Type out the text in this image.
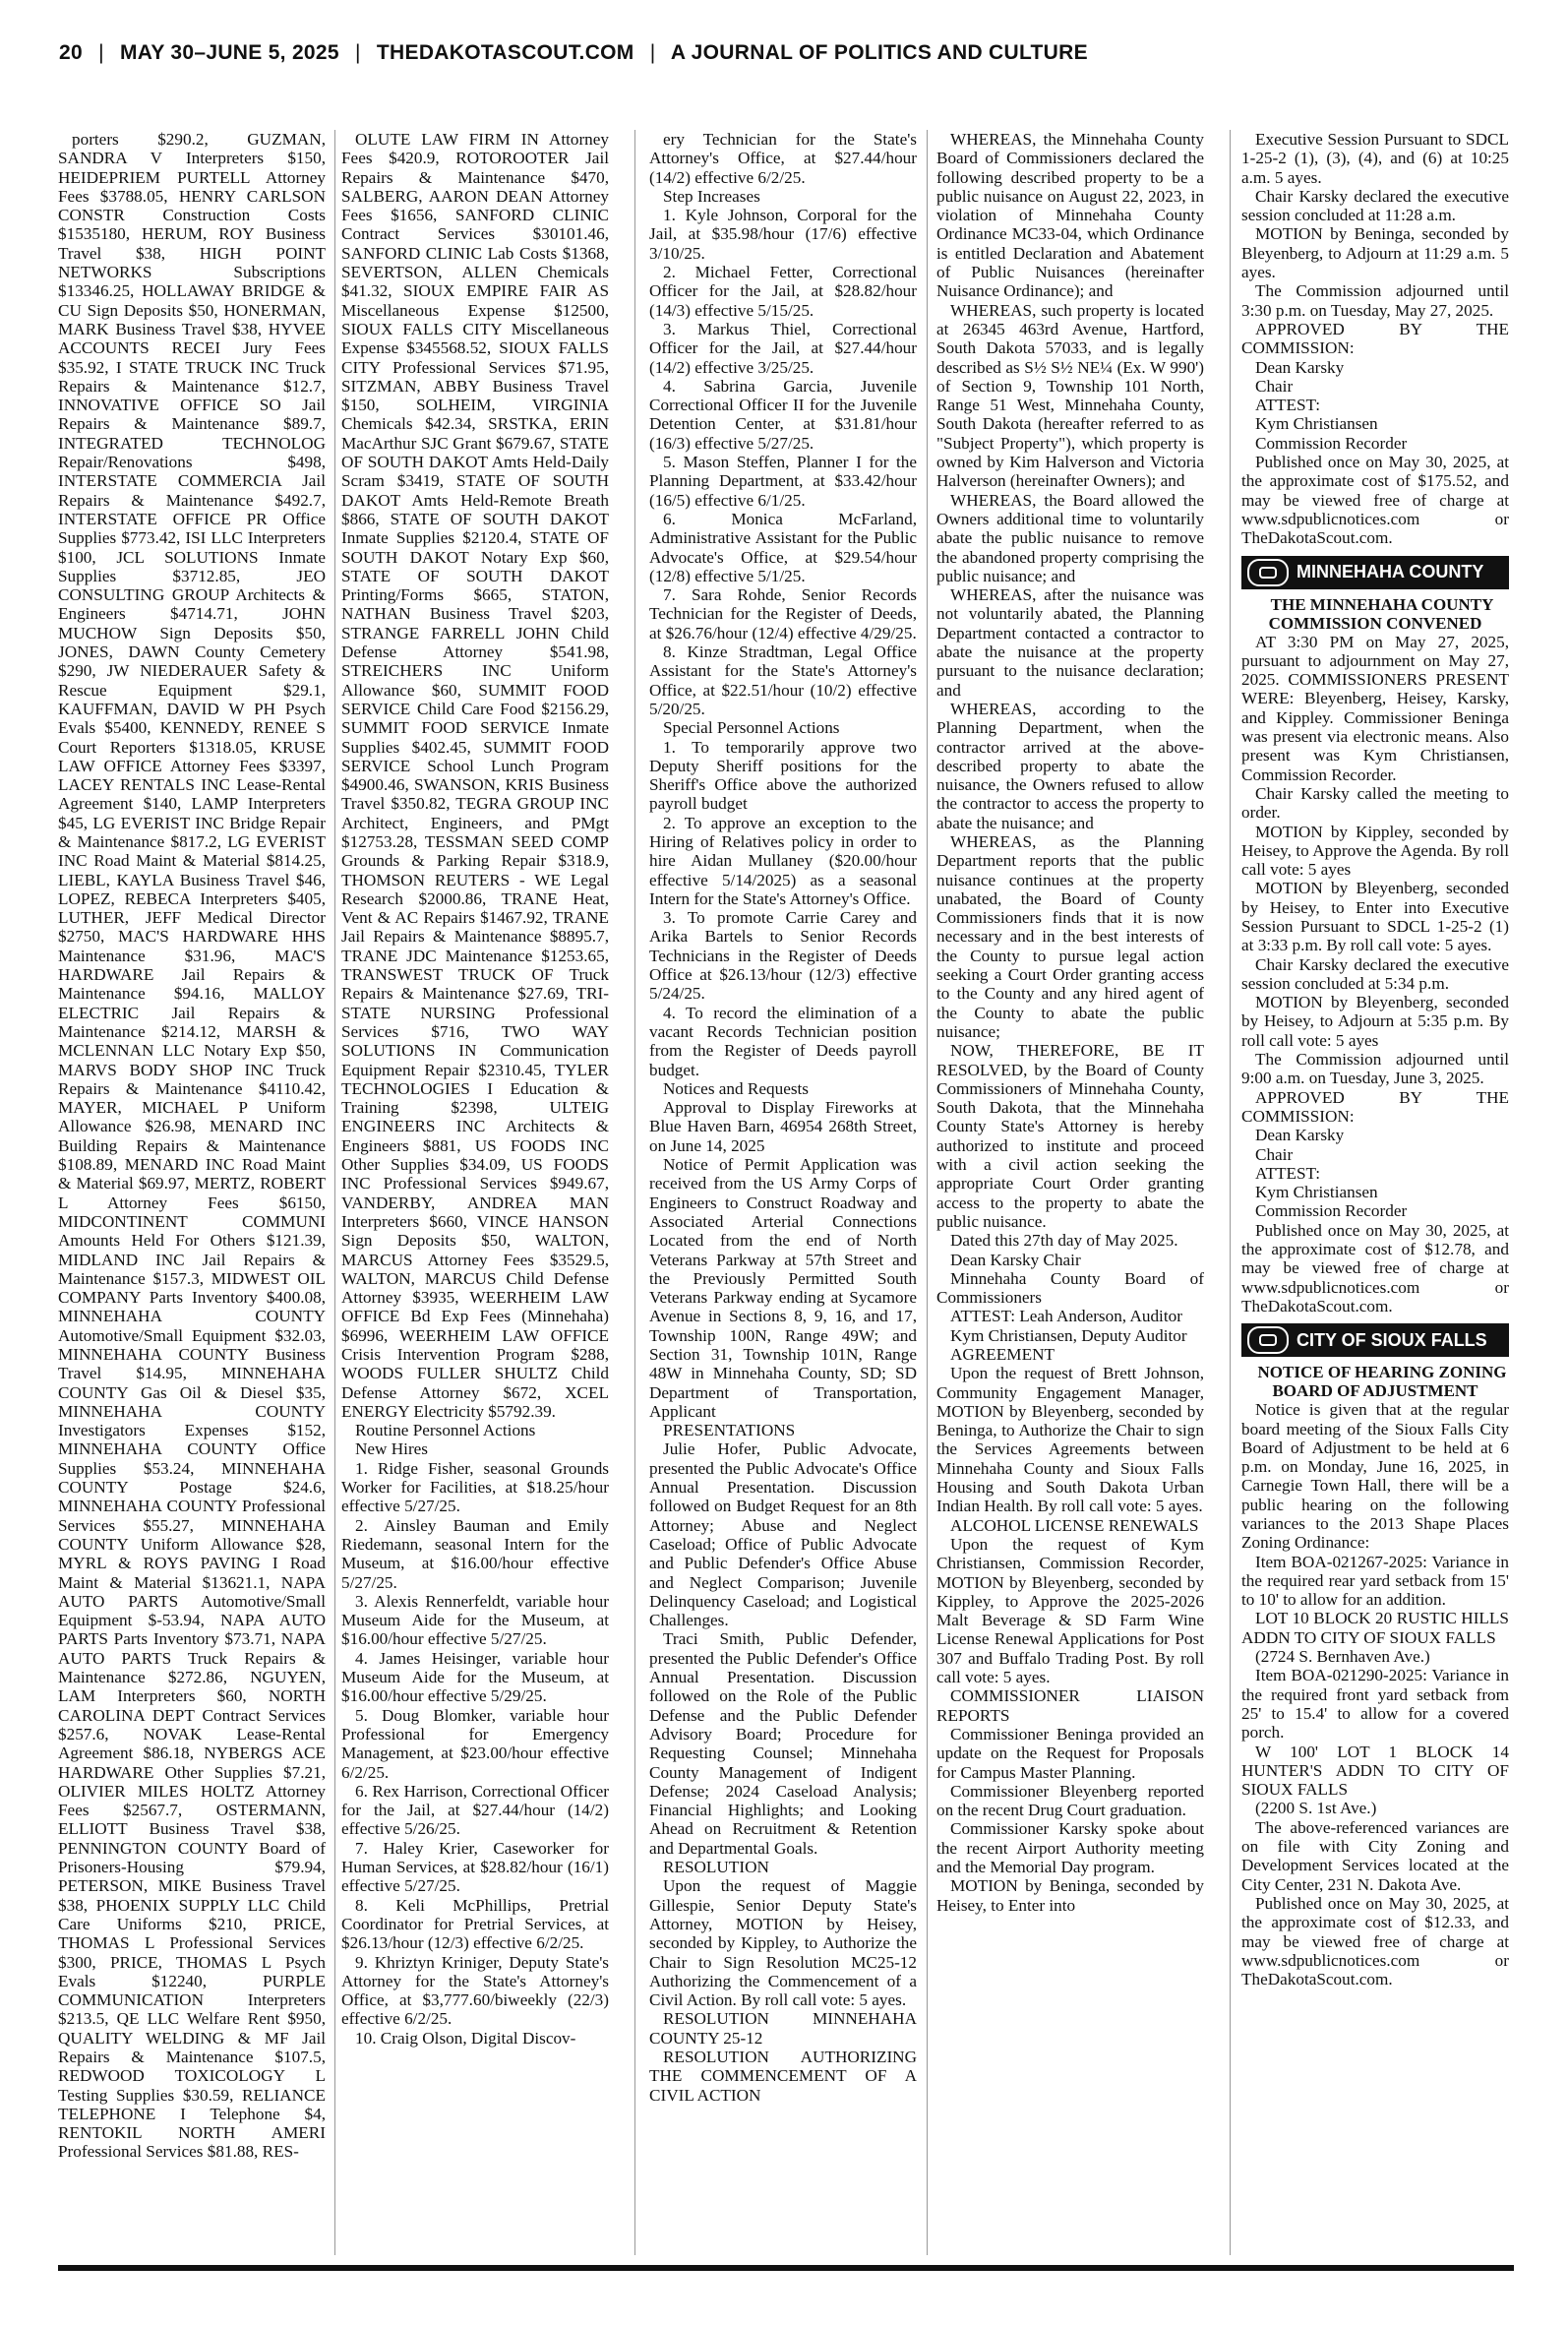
20 | MAY 30–JUNE 5, 2025 | THEDAKOTASCOUT.COM | A JOURNAL OF POLITICS AND CULTURE

porters $290.2, GUZMAN, SANDRA V Interpreters $150, HEIDEPRIEM PURTELL Attorney Fees $3788.05, HENRY CARLSON CONSTR Construction Costs $1535180, HERUM, ROY Business Travel $38, HIGH POINT NETWORKS Subscriptions $13346.25, HOLLAWAY BRIDGE & CU Sign Deposits $50, HONERMAN, MARK Business Travel $38, HYVEE ACCOUNTS RECEI Jury Fees $35.92, I STATE TRUCK INC Truck Repairs & Maintenance $12.7, INNOVATIVE OFFICE SO Jail Repairs & Maintenance $89.7, INTEGRATED TECHNOLOG Repair/Renovations $498, INTERSTATE COMMERCIA Jail Repairs & Maintenance $492.7, INTERSTATE OFFICE PR Office Supplies $773.42, ISI LLC Interpreters $100, JCL SOLUTIONS Inmate Supplies $3712.85, JEO CONSULTING GROUP Architects & Engineers $4714.71, JOHN MUCHOW Sign Deposits $50, JONES, DAWN County Cemetery $290, JW NIEDERAUER Safety & Rescue Equipment $29.1, KAUFFMAN, DAVID W PH Psych Evals $5400, KENNEDY, RENEE S Court Reporters $1318.05, KRUSE LAW OFFICE Attorney Fees $3397, LACEY RENTALS INC Lease-Rental Agreement $140, LAMP Interpreters $45, LG EVERIST INC Bridge Repair & Maintenance $817.2, LG EVERIST INC Road Maint & Material $814.25, LIEBL, KAYLA Business Travel $46, LOPEZ, REBECA Interpreters $405, LUTHER, JEFF Medical Director $2750, MAC'S HARDWARE HHS Maintenance $31.96, MAC'S HARDWARE Jail Repairs & Maintenance $94.16, MALLOY ELECTRIC Jail Repairs & Maintenance $214.12, MARSH & MCLENNAN LLC Notary Exp $50, MARVS BODY SHOP INC Truck Repairs & Maintenance $4110.42, MAYER, MICHAEL P Uniform Allowance $26.98, MENARD INC Building Repairs & Maintenance $108.89, MENARD INC Road Maint & Material $69.97, MERTZ, ROBERT L Attorney Fees $6150, MIDCONTINENT COMMUNI Amounts Held For Others $121.39, MIDLAND INC Jail Repairs & Maintenance $157.3, MIDWEST OIL COMPANY Parts Inventory $400.08, MINNEHAHA COUNTY Automotive/Small Equipment $32.03, MINNEHAHA COUNTY Business Travel $14.95, MINNEHAHA COUNTY Gas Oil & Diesel $35, MINNEHAHA COUNTY Investigators Expenses $152, MINNEHAHA COUNTY Office Supplies $53.24, MINNEHAHA COUNTY Postage $24.6, MINNEHAHA COUNTY Professional Services $55.27, MINNEHAHA COUNTY Uniform Allowance $28, MYRL & ROYS PAVING I Road Maint & Material $13621.1, NAPA AUTO PARTS Automotive/Small Equipment $-53.94, NAPA AUTO PARTS Parts Inventory $73.71, NAPA AUTO PARTS Truck Repairs & Maintenance $272.86, NGUYEN, LAM Interpreters $60, NORTH CAROLINA DEPT Contract Services $257.6, NOVAK Lease-Rental Agreement $86.18, NYBERGS ACE HARDWARE Other Supplies $7.21, OLIVIER MILES HOLTZ Attorney Fees $2567.7, OSTERMANN, ELLIOTT Business Travel $38, PENNINGTON COUNTY Board of Prisoners-Housing $79.94, PETERSON, MIKE Business Travel $38, PHOENIX SUPPLY LLC Child Care Uniforms $210, PRICE, THOMAS L Professional Services $300, PRICE, THOMAS L Psych Evals $12240, PURPLE COMMUNICATION Interpreters $213.5, QE LLC Welfare Rent $950, QUALITY WELDING & MF Jail Repairs & Maintenance $107.5, REDWOOD TOXICOLOGY L Testing Supplies $30.59, RELIANCE TELEPHONE I Telephone $4, RENTOKIL NORTH AMERI Professional Services $81.88, RES-

OLUTE LAW FIRM IN Attorney Fees $420.9, ROTOROOTER Jail Repairs & Maintenance $470, SALBERG, AARON DEAN Attorney Fees $1656, SANFORD CLINIC Contract Services $30101.46, SANFORD CLINIC Lab Costs $1368, SEVERTSON, ALLEN Chemicals $41.32, SIOUX EMPIRE FAIR AS Miscellaneous Expense $12500, SIOUX FALLS CITY Miscellaneous Expense $345568.52, SIOUX FALLS CITY Professional Services $71.95, SITZMAN, ABBY Business Travel $150, SOLHEIM, VIRGINIA Chemicals $42.34, SRSTKA, ERIN MacArthur SJC Grant $679.67, STATE OF SOUTH DAKOT Amts Held-Daily Scram $3419, STATE OF SOUTH DAKOT Amts Held-Remote Breath $866, STATE OF SOUTH DAKOT Inmate Supplies $2120.4, STATE OF SOUTH DAKOT Notary Exp $60, STATE OF SOUTH DAKOT Printing/Forms $665, STATON, NATHAN Business Travel $203, STRANGE FARRELL JOHN Child Defense Attorney $541.98, STREICHERS INC Uniform Allowance $60, SUMMIT FOOD SERVICE Child Care Food $2156.29, SUMMIT FOOD SERVICE Inmate Supplies $402.45, SUMMIT FOOD SERVICE School Lunch Program $4900.46, SWANSON, KRIS Business Travel $350.82, TEGRA GROUP INC Architect, Engineers, and PMgt $12753.28, TESSMAN SEED COMP Grounds & Parking Repair $318.9, THOMSON REUTERS - WE Legal Research $2000.86, TRANE Heat, Vent & AC Repairs $1467.92, TRANE Jail Repairs & Maintenance $8895.7, TRANE JDC Maintenance $1253.65, TRANSWEST TRUCK OF Truck Repairs & Maintenance $27.69, TRI-STATE NURSING Professional Services $716, TWO WAY SOLUTIONS IN Communication Equipment Repair $2310.45, TYLER TECHNOLOGIES I Education & Training $2398, ULTEIG ENGINEERS INC Architects & Engineers $881, US FOODS INC Other Supplies $34.09, US FOODS INC Professional Services $949.67, VANDERBY, ANDREA MAN Interpreters $660, VINCE HANSON Sign Deposits $50, WALTON, MARCUS Attorney Fees $3529.5, WALTON, MARCUS Child Defense Attorney $3935, WEERHEIM LAW OFFICE Bd Exp Fees (Minnehaha) $6996, WEERHEIM LAW OFFICE Crisis Intervention Program $288, WOODS FULLER SHULTZ Child Defense Attorney $672, XCEL ENERGY Electricity $5792.39.

Routine Personnel Actions

New Hires

1. Ridge Fisher, seasonal Grounds Worker for Facilities, at $18.25/hour effective 5/27/25.

2. Ainsley Bauman and Emily Riedemann, seasonal Intern for the Museum, at $16.00/hour effective 5/27/25.

3. Alexis Rennerfeldt, variable hour Museum Aide for the Museum, at $16.00/hour effective 5/27/25.

4. James Heisinger, variable hour Museum Aide for the Museum, at $16.00/hour effective 5/29/25.

5. Doug Blomker, variable hour Professional for Emergency Management, at $23.00/hour effective 6/2/25.

6. Rex Harrison, Correctional Officer for the Jail, at $27.44/hour (14/2) effective 5/26/25.

7. Haley Krier, Caseworker for Human Services, at $28.82/hour (16/1) effective 5/27/25.

8. Keli McPhillips, Pretrial Coordinator for Pretrial Services, at $26.13/hour (12/3) effective 6/2/25.

9. Khriztyn Kriniger, Deputy State's Attorney for the State's Attorney's Office, at $3,777.60/biweekly (22/3) effective 6/2/25.

10. Craig Olson, Digital Discov-

ery Technician for the State's Attorney's Office, at $27.44/hour (14/2) effective 6/2/25.

Step Increases

1. Kyle Johnson, Corporal for the Jail, at $35.98/hour (17/6) effective 3/10/25.

2. Michael Fetter, Correctional Officer for the Jail, at $28.82/hour (14/3) effective 5/15/25.

3. Markus Thiel, Correctional Officer for the Jail, at $27.44/hour (14/2) effective 3/25/25.

4. Sabrina Garcia, Juvenile Correctional Officer II for the Juvenile Detention Center, at $31.81/hour (16/3) effective 5/27/25.

5. Mason Steffen, Planner I for the Planning Department, at $33.42/hour (16/5) effective 6/1/25.

6. Monica McFarland, Administrative Assistant for the Public Advocate's Office, at $29.54/hour (12/8) effective 5/1/25.

7. Sara Rohde, Senior Records Technician for the Register of Deeds, at $26.76/hour (12/4) effective 4/29/25.

8. Kinze Stradtman, Legal Office Assistant for the State's Attorney's Office, at $22.51/hour (10/2) effective 5/20/25.

Special Personnel Actions

1. To temporarily approve two Deputy Sheriff positions for the Sheriff's Office above the authorized payroll budget

2. To approve an exception to the Hiring of Relatives policy in order to hire Aidan Mullaney ($20.00/hour effective 5/14/2025) as a seasonal Intern for the State's Attorney's Office.

3. To promote Carrie Carey and Arika Bartels to Senior Records Technicians in the Register of Deeds Office at $26.13/hour (12/3) effective 5/24/25.

4. To record the elimination of a vacant Records Technician position from the Register of Deeds payroll budget.

Notices and Requests

Approval to Display Fireworks at Blue Haven Barn, 46954 268th Street, on June 14, 2025

Notice of Permit Application was received from the US Army Corps of Engineers to Construct Roadway and Associated Arterial Connections Located from the end of North Veterans Parkway at 57th Street and the Previously Permitted South Veterans Parkway ending at Sycamore Avenue in Sections 8, 9, 16, and 17, Township 100N, Range 49W; and Section 31, Township 101N, Range 48W in Minnehaha County, SD; SD Department of Transportation, Applicant

PRESENTATIONS

Julie Hofer, Public Advocate, presented the Public Advocate's Office Annual Presentation. Discussion followed on Budget Request for an 8th Attorney; Abuse and Neglect Caseload; Office of Public Advocate and Public Defender's Office Abuse and Neglect Comparison; Juvenile Delinquency Caseload; and Logistical Challenges.

Traci Smith, Public Defender, presented the Public Defender's Office Annual Presentation. Discussion followed on the Role of the Public Defense and the Public Defender Advisory Board; Procedure for Requesting Counsel; Minnehaha County Management of Indigent Defense; 2024 Caseload Analysis; Financial Highlights; and Looking Ahead on Recruitment & Retention and Departmental Goals.

RESOLUTION

Upon the request of Maggie Gillespie, Senior Deputy State's Attorney, MOTION by Heisey, seconded by Kippley, to Authorize the Chair to Sign Resolution MC25-12 Authorizing the Commencement of a Civil Action. By roll call vote: 5 ayes.

RESOLUTION MINNEHAHA COUNTY 25-12

RESOLUTION AUTHORIZING THE COMMENCEMENT OF A CIVIL ACTION

WHEREAS, the Minnehaha County Board of Commissioners declared the following described property to be a public nuisance on August 22, 2023, in violation of Minnehaha County Ordinance MC33-04, which Ordinance is entitled Declaration and Abatement of Public Nuisances (hereinafter Nuisance Ordinance); and

WHEREAS, such property is located at 26345 463rd Avenue, Hartford, South Dakota 57033, and is legally described as S½ S½ NE¼ (Ex. W 990') of Section 9, Township 101 North, Range 51 West, Minnehaha County, South Dakota (hereafter referred to as "Subject Property"), which property is owned by Kim Halverson and Victoria Halverson (hereinafter Owners); and

WHEREAS, the Board allowed the Owners additional time to voluntarily abate the public nuisance to remove the abandoned property comprising the public nuisance; and

WHEREAS, after the nuisance was not voluntarily abated, the Planning Department contacted a contractor to abate the nuisance at the property pursuant to the nuisance declaration; and

WHEREAS, according to the Planning Department, when the contractor arrived at the above- described property to abate the nuisance, the Owners refused to allow the contractor to access the property to abate the nuisance; and

WHEREAS, as the Planning Department reports that the public nuisance continues at the property unabated, the Board of County Commissioners finds that it is now necessary and in the best interests of the County to pursue legal action seeking a Court Order granting access to the County and any hired agent of the County to abate the public nuisance;

NOW, THEREFORE, BE IT RESOLVED, by the Board of County Commissioners of Minnehaha County, South Dakota, that the Minnehaha County State's Attorney is hereby authorized to institute and proceed with a civil action seeking the appropriate Court Order granting access to the property to abate the public nuisance.

Dated this 27th day of May 2025.

Dean Karsky Chair

Minnehaha County Board of Commissioners

ATTEST: Leah Anderson, Auditor

Kym Christiansen, Deputy Auditor

AGREEMENT

Upon the request of Brett Johnson, Community Engagement Manager, MOTION by Bleyenberg, seconded by Beninga, to Authorize the Chair to sign the Services Agreements between Minnehaha County and Sioux Falls Housing and South Dakota Urban Indian Health. By roll call vote: 5 ayes.

ALCOHOL LICENSE RENEWALS

Upon the request of Kym Christiansen, Commission Recorder, MOTION by Bleyenberg, seconded by Kippley, to Approve the 2025-2026 Malt Beverage & SD Farm Wine License Renewal Applications for Post 307 and Buffalo Trading Post. By roll call vote: 5 ayes.

COMMISSIONER LIAISON REPORTS

Commissioner Beninga provided an update on the Request for Proposals for Campus Master Planning.

Commissioner Bleyenberg reported on the recent Drug Court graduation.

Commissioner Karsky spoke about the recent Airport Authority meeting and the Memorial Day program.

MOTION by Beninga, seconded by Heisey, to Enter into

Executive Session Pursuant to SDCL 1-25-2 (1), (3), (4), and (6) at 10:25 a.m. 5 ayes.

Chair Karsky declared the executive session concluded at 11:28 a.m.

MOTION by Beninga, seconded by Bleyenberg, to Adjourn at 11:29 a.m. 5 ayes.

The Commission adjourned until 3:30 p.m. on Tuesday, May 27, 2025.

APPROVED BY THE COMMISSION:

Dean Karsky

Chair

ATTEST:

Kym Christiansen

Commission Recorder

Published once on May 30, 2025, at the approximate cost of $175.52, and may be viewed free of charge at www.sdpublicnotices.com or TheDakotaScout.com.

MINNEHAHA COUNTY

THE MINNEHAHA COUNTY COMMISSION CONVENED

AT 3:30 PM on May 27, 2025, pursuant to adjournment on May 27, 2025. COMMISSIONERS PRESENT WERE: Bleyenberg, Heisey, Karsky, and Kippley. Commissioner Beninga was present via electronic means. Also present was Kym Christiansen, Commission Recorder.

Chair Karsky called the meeting to order.

MOTION by Kippley, seconded by Heisey, to Approve the Agenda. By roll call vote: 5 ayes

MOTION by Bleyenberg, seconded by Heisey, to Enter into Executive Session Pursuant to SDCL 1-25-2 (1) at 3:33 p.m. By roll call vote: 5 ayes.

Chair Karsky declared the executive session concluded at 5:34 p.m.

MOTION by Bleyenberg, seconded by Heisey, to Adjourn at 5:35 p.m. By roll call vote: 5 ayes

The Commission adjourned until 9:00 a.m. on Tuesday, June 3, 2025.

APPROVED BY THE COMMISSION:

Dean Karsky

Chair

ATTEST:

Kym Christiansen

Commission Recorder

Published once on May 30, 2025, at the approximate cost of $12.78, and may be viewed free of charge at www.sdpublicnotices.com or TheDakotaScout.com.

CITY OF SIOUX FALLS

NOTICE OF HEARING ZONING BOARD OF ADJUSTMENT

Notice is given that at the regular board meeting of the Sioux Falls City Board of Adjustment to be held at 6 p.m. on Monday, June 16, 2025, in Carnegie Town Hall, there will be a public hearing on the following variances to the 2013 Shape Places Zoning Ordinance:

Item BOA-021267-2025: Variance in the required rear yard setback from 15' to 10' to allow for an addition.

LOT 10 BLOCK 20 RUSTIC HILLS ADDN TO CITY OF SIOUX FALLS

(2724 S. Bernhaven Ave.)

Item BOA-021290-2025: Variance in the required front yard setback from 25' to 15.4' to allow for a covered porch.

W 100' LOT 1 BLOCK 14 HUNTER'S ADDN TO CITY OF SIOUX FALLS

(2200 S. 1st Ave.)

The above-referenced variances are on file with City Zoning and Development Services located at the City Center, 231 N. Dakota Ave.

Published once on May 30, 2025, at the approximate cost of $12.33, and may be viewed free of charge at www.sdpublicnotices.com or TheDakotaScout.com.
